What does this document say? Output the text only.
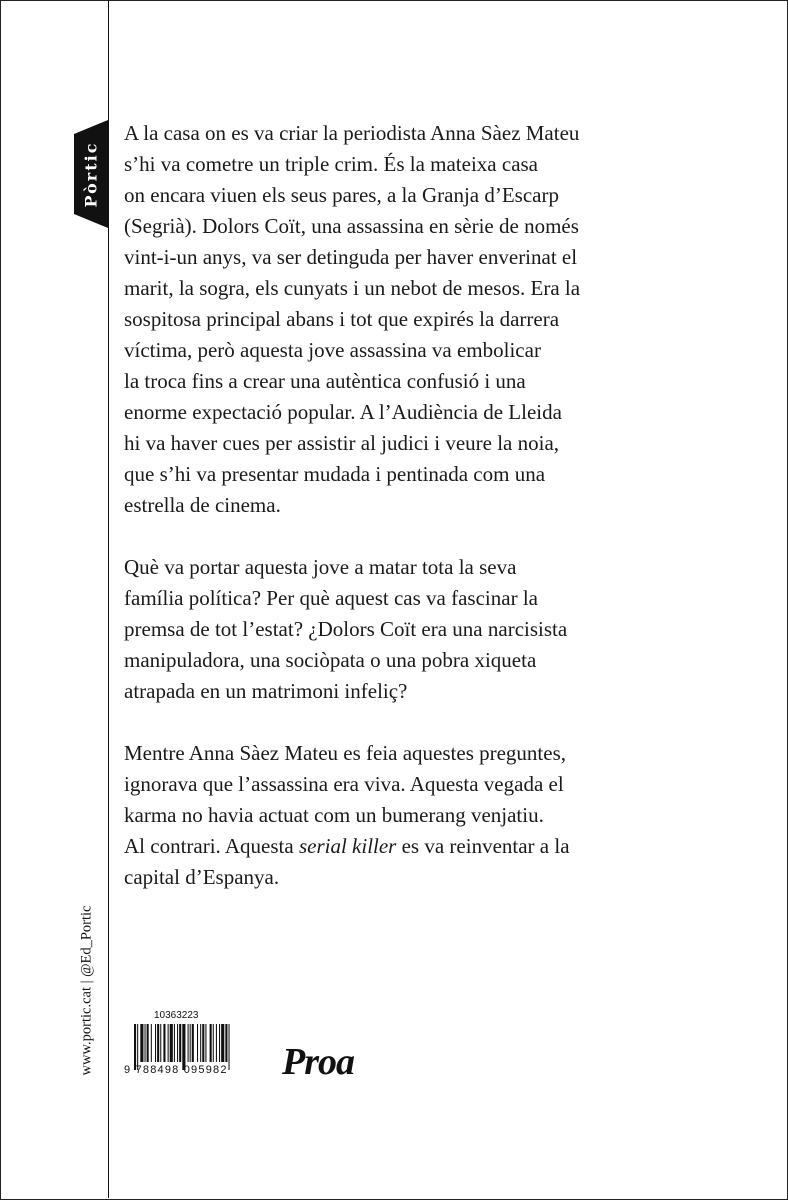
Pòrtic
www.portic.cat | @Ed_Portic
A la casa on es va criar la periodista Anna Sàez Mateu
s’hi va cometre un triple crim. És la mateixa casa
on encara viuen els seus pares, a la Granja d’Escarp
(Segrià). Dolors Coït, una assassina en sèrie de només
vint-i-un anys, va ser detinguda per haver enverinat el
marit, la sogra, els cunyats i un nebot de mesos. Era la
sospitosa principal abans i tot que expirés la darrera
víctima, però aquesta jove assassina va embolicar
la troca fins a crear una autèntica confusió i una
enorme expectació popular. A l’Audiència de Lleida
hi va haver cues per assistir al judici i veure la noia,
que s’hi va presentar mudada i pentinada com una
estrella de cinema.
Què va portar aquesta jove a matar tota la seva
família política? Per què aquest cas va fascinar la
premsa de tot l’estat? ¿Dolors Coït era una narcisista
manipuladora, una sociòpata o una pobra xiqueta
atrapada en un matrimoni infeliç?
Mentre Anna Sàez Mateu es feia aquestes preguntes,
ignorava que l’assassina era viva. Aquesta vegada el
karma no havia actuat com un bumerang venjatiu.
Al contrari. Aquesta serial killer es va reinventar a la
capital d’Espanya.
10363223
9 788498 095982 Proa
